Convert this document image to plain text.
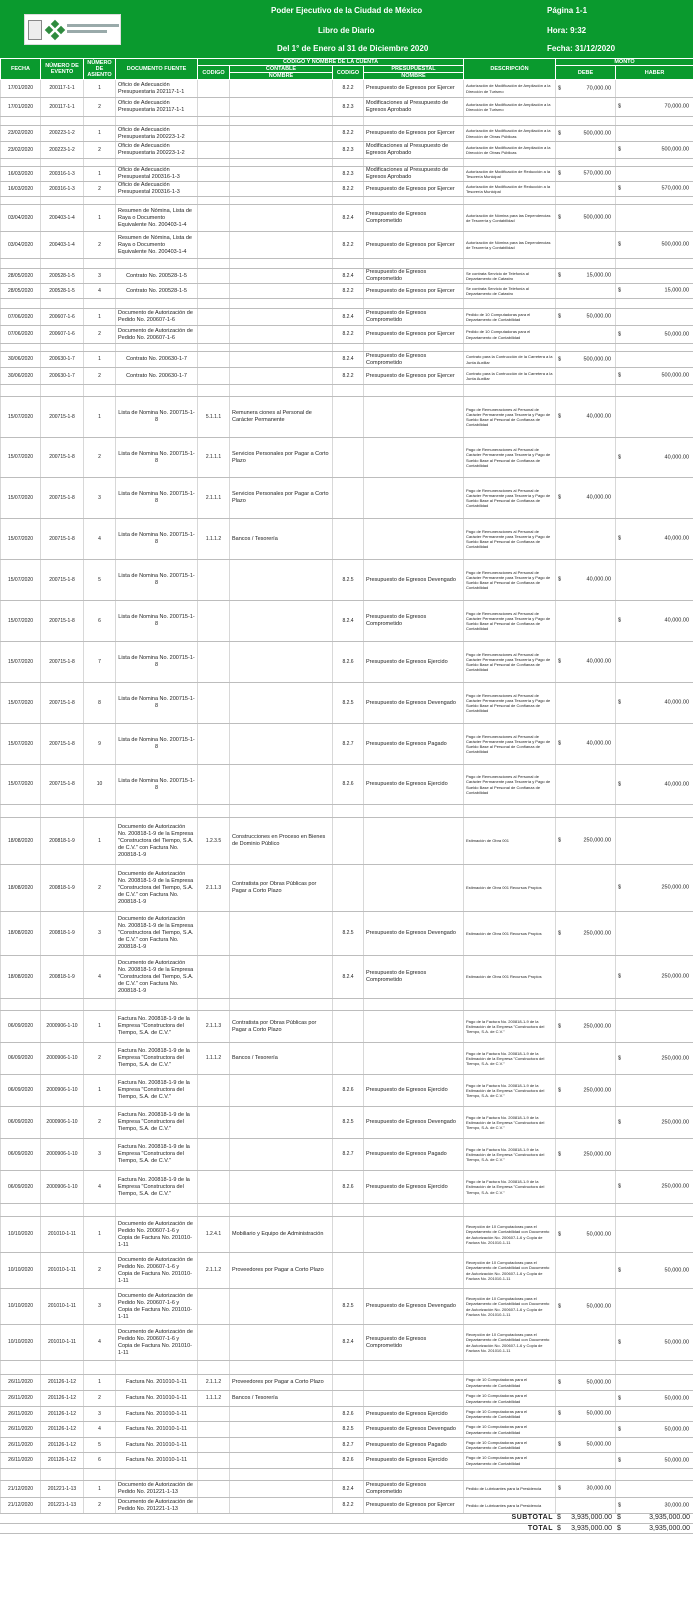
Poder Ejecutivo de la Ciudad de México
Libro de Diario
Del 1° de Enero al 31 de Diciembre 2020
Página 1-1
Hora: 9:32
Fecha: 31/12/2020
FECHA	NÚMERO DE EVENTO	NÚMERO DE ASIENTO	DOCUMENTO FUENTE	CODIGO Y NOMBRE DE LA CUENTA				DESCRIPCIÓN	MONTO	
				CODIGO	CONTABLE	CODIGO	PRESUPUESTAL		DEBE	HABER
					NOMBRE		NOMBRE			
17/01/2020	200117-1-1	1	Oficio de Adecuación Presupuestaria 202117-1-1			8.2.2	Presupuesto de Egresos por Ejercer	Autorización de Modificación de Ampliación a la Dirección de Turismo	$ 70,000.00	

17/01/2020	200117-1-1	2	Oficio de Adecuación Presupuestaria 202117-1-1			8.2.3	Modificaciones al Presupuesto de Egresos Aprobado	Autorización de Modificación de Ampliación a la Dirección de Turismo		$ 70,000.00

23/02/2020	200223-1-2	1	Oficio de Adecuación Presupuestaria 200223-1-2			8.2.2	Presupuesto de Egresos por Ejercer	Autorización de Modificación de Ampliación a la Dirección de Obras Públicas	$ 500,000.00	

23/02/2020	200223-1-2	2	Oficio de Adecuación Presupuestaria 200223-1-2			8.2.3	Modificaciones al Presupuesto de Egresos Aprobado	Autorización de Modificación de Ampliación a la Dirección de Obras Públicas		$ 500,000.00

16/03/2020	200316-1-3	1	Oficio de Adecuación Presupuestal 200316-1-3			8.2.3	Modificaciones al Presupuesto de Egresos Aprobado	Autorización de Modificación de Reducción a la Tesorería Municipal	$ 570,000.00	

16/03/2020	200316-1-3	2	Oficio de Adecuación Presupuestal 200316-1-3			8.2.2	Presupuesto de Egresos por Ejercer	Autorización de Modificación de Reducción a la Tesorería Municipal		$ 570,000.00

03/04/2020	200403-1-4	1	Resumen de Nómina, Lista de Raya o Documento Equivalente No. 200403-1-4			8.2.4	Presupuesto de Egresos Comprometido	Autorización de Nómina para las Dependencias de Tesorería y Contabilidad	$ 500,000.00	

03/04/2020	200403-1-4	2	Resumen de Nómina, Lista de Raya o Documento Equivalente No. 200403-1-4			8.2.2	Presupuesto de Egresos por Ejercer	Autorización de Nómina para las Dependencias de Tesorería y Contabilidad		$ 500,000.00

28/05/2020	200528-1-5	3	Contrato No. 200528-1-5			8.2.4	Presupuesto de Egresos Comprometido	Se contrata Servicio de Telefonía al Departamento de Catastro	$ 15,000.00	

28/05/2020	200528-1-5	4	Contrato No. 200528-1-5			8.2.2	Presupuesto de Egresos por Ejercer	Se contrata Servicio de Telefonía al Departamento de Catastro		$ 15,000.00

07/06/2020	200607-1-6	1	Documento de Autorización de Pedido No. 200607-1-6			8.2.4	Presupuesto de Egresos Comprometido	Pedido de 10 Computadoras para el Departamento de Contabilidad	$ 50,000.00	

07/06/2020	200607-1-6	2	Documento de Autorización de Pedido No. 200607-1-6			8.2.2	Presupuesto de Egresos por Ejercer	Pedido de 10 Computadoras para el Departamento de Contabilidad		$ 50,000.00

30/06/2020	200630-1-7	1	Contrato No. 200630-1-7			8.2.4	Presupuesto de Egresos Comprometido	Contrato para la Contrucción de la Carretera a la Junta Auxiliar	$ 500,000.00	

30/06/2020	200630-1-7	2	Contrato No. 200630-1-7			8.2.2	Presupuesto de Egresos por Ejercer	Contrato para la Contrucción de la Carretera a la Junta Auxiliar		$ 500,000.00

15/07/2020	200715-1-8	1	Lista de Nomina No. 200715-1-8	5.1.1.1	Remunera ciones al Personal de Carácter Permanente			Pago de Remuneraciones al Personal de Carácter Permanente para Tesorería y Pago de Sueldo Base al Personal de Confianza de Contabilidad	$ 40,000.00	

15/07/2020	200715-1-8	2	Lista de Nomina No. 200715-1-8	2.1.1.1	Servicios Personales por Pagar a Corto Plazo			Pago de Remuneraciones al Personal de Carácter Permanente para Tesorería y Pago de Sueldo Base al Personal de Confianza de Contabilidad		$ 40,000.00

15/07/2020	200715-1-8	3	Lista de Nomina No. 200715-1-8	2.1.1.1	Servicios Personales por Pagar a Corto Plazo			Pago de Remuneraciones al Personal de Carácter Permanente para Tesorería y Pago de Sueldo Base al Personal de Confianza de Contabilidad	$ 40,000.00	

15/07/2020	200715-1-8	4	Lista de Nomina No. 200715-1-8	1.1.1.2	Bancos / Tesorería			Pago de Remuneraciones al Personal de Carácter Permanente para Tesorería y Pago de Sueldo Base al Personal de Confianza de Contabilidad		$ 40,000.00

15/07/2020	200715-1-8	5	Lista de Nomina No. 200715-1-8			8.2.5	Presupuesto de Egresos Devengado	Pago de Remuneraciones al Personal de Carácter Permanente para Tesorería y Pago de Sueldo Base al Personal de Confianza de Contabilidad	$ 40,000.00	

15/07/2020	200715-1-8	6	Lista de Nomina No. 200715-1-8			8.2.4	Presupuesto de Egresos Comprometido	Pago de Remuneraciones al Personal de Carácter Permanente para Tesorería y Pago de Sueldo Base al Personal de Confianza de Contabilidad		$ 40,000.00

15/07/2020	200715-1-8	7	Lista de Nomina No. 200715-1-8			8.2.6	Presupuesto de Egresos Ejercido	Pago de Remuneraciones al Personal de Carácter Permanente para Tesorería y Pago de Sueldo Base al Personal de Confianza de Contabilidad	$ 40,000.00	

15/07/2020	200715-1-8	8	Lista de Nomina No. 200715-1-8			8.2.5	Presupuesto de Egresos Devengado	Pago de Remuneraciones al Personal de Carácter Permanente para Tesorería y Pago de Sueldo Base al Personal de Confianza de Contabilidad		$ 40,000.00

15/07/2020	200715-1-8	9	Lista de Nomina No. 200715-1-8			8.2.7	Presupuesto de Egresos Pagado	Pago de Remuneraciones al Personal de Carácter Permanente para Tesorería y Pago de Sueldo Base al Personal de Confianza de Contabilidad	$ 40,000.00	

15/07/2020	200715-1-8	10	Lista de Nomina No. 200715-1-8			8.2.6	Presupuesto de Egresos Ejercido	Pago de Remuneraciones al Personal de Carácter Permanente para Tesorería y Pago de Sueldo Base al Personal de Confianza de Contabilidad		$ 40,000.00

18/08/2020	200818-1-9	1	Documento de Autorización No. 200818-1-9 de la Empresa "Constructora del Tiempo, S.A. de C.V." con Factura No. 200818-1-9	1.2.3.5	Construcciones en Proceso en Bienes de Dominio Público			Estimación de Obra 001	$ 250,000.00	

18/08/2020	200818-1-9	2	Documento de Autorización No. 200818-1-9 de la Empresa "Constructora del Tiempo, S.A. de C.V." con Factura No. 200818-1-9	2.1.1.3	Contratista por Obras Públicas por Pagar a Corto Plazo			Estimación de Obra 001 Recursos Propios		$ 250,000.00

18/08/2020	200818-1-9	3	Documento de Autorización No. 200818-1-9 de la Empresa "Constructora del Tiempo, S.A. de C.V." con Factura No. 200818-1-9			8.2.5	Presupuesto de Egresos Devengado	Estimación de Obra 001 Recursos Propios	$ 250,000.00	

18/08/2020	200818-1-9	4	Documento de Autorización No. 200818-1-9 de la Empresa "Constructora del Tiempo, S.A. de C.V." con Factura No. 200818-1-9			8.2.4	Presupuesto de Egresos Comprometido	Estimación de Obra 001 Recursos Propios		$ 250,000.00

06/09/2020	2000906-1-10	1	Factura No. 200818-1-9 de la Empresa "Constructora del Tiempo, S.A. de C.V."	2.1.1.3	Contratista por Obras Públicas por Pagar a Corto Plazo			Pago de la Factura No. 200818-1-9 de la Estimación de la Empresa "Constructora del Tiempo, S.A. de C.V."	$ 250,000.00	

06/09/2020	2000906-1-10	2	Factura No. 200818-1-9 de la Empresa "Constructora del Tiempo, S.A. de C.V."	1.1.1.2	Bancos / Tesorería			Pago de la Factura No. 200818-1-9 de la Estimación de la Empresa "Constructora del Tiempo, S.A. de C.V."		$ 250,000.00

06/09/2020	2000906-1-10	1	Factura No. 200818-1-9 de la Empresa "Constructora del Tiempo, S.A. de C.V."			8.2.6	Presupuesto de Egresos Ejercido	Pago de la Factura No. 200818-1-9 de la Estimación de la Empresa "Constructora del Tiempo, S.A. de C.V."	$ 250,000.00	

06/09/2020	2000906-1-10	2	Factura No. 200818-1-9 de la Empresa "Constructora del Tiempo, S.A. de C.V."			8.2.5	Presupuesto de Egresos Devengado	Pago de la Factura No. 200818-1-9 de la Estimación de la Empresa "Constructora del Tiempo, S.A. de C.V."		$ 250,000.00

06/09/2020	2000906-1-10	3	Factura No. 200818-1-9 de la Empresa "Constructora del Tiempo, S.A. de C.V."			8.2.7	Presupuesto de Egresos Pagado	Pago de la Factura No. 200818-1-9 de la Estimación de la Empresa "Constructora del Tiempo, S.A. de C.V."	$ 250,000.00	

06/09/2020	2000906-1-10	4	Factura No. 200818-1-9 de la Empresa "Constructora del Tiempo, S.A. de C.V."			8.2.6	Presupuesto de Egresos Ejercido	Pago de la Factura No. 200818-1-9 de la Estimación de la Empresa "Constructora del Tiempo, S.A. de C.V."		$ 250,000.00

10/10/2020	201010-1-11	1	Documento de Autorización de Pedido No. 200607-1-6 y Copia de Factura No. 201010-1-11	1.2.4.1	Mobiliario y Equipo de Administración			Recepción de 10 Computadoras para el Departamento de Contabilidad con Documento de Autorización No. 200607-1-6 y Copia de Factura No. 201010-1-11	$ 50,000.00	

10/10/2020	201010-1-11	2	Documento de Autorización de Pedido No. 200607-1-6 y Copia de Factura No. 201010-1-11	2.1.1.2	Proveedores por Pagar a Corto Plazo			Recepción de 10 Computadoras para el Departamento de Contabilidad con Documento de Autorización No. 200607-1-6 y Copia de Factura No. 201010-1-11		$ 50,000.00

10/10/2020	201010-1-11	3	Documento de Autorización de Pedido No. 200607-1-6 y Copia de Factura No. 201010-1-11			8.2.5	Presupuesto de Egresos Devengado	Recepción de 10 Computadoras para el Departamento de Contabilidad con Documento de Autorización No. 200607-1-6 y Copia de Factura No. 201010-1-11	$ 50,000.00	

10/10/2020	201010-1-11	4	Documento de Autorización de Pedido No. 200607-1-6 y Copia de Factura No. 201010-1-11			8.2.4	Presupuesto de Egresos Comprometido	Recepción de 10 Computadoras para el Departamento de Contabilidad con Documento de Autorización No. 200607-1-6 y Copia de Factura No. 201010-1-11		$ 50,000.00

26/11/2020	201126-1-12	1	Factura No. 201010-1-11	2.1.1.2	Proveedores por Pagar a Corto Plazo			Pago de 10 Computadoras para el Departamento de Contabilidad	$ 50,000.00	

26/11/2020	201126-1-12	2	Factura No. 201010-1-11	1.1.1.2	Bancos / Tesorería			Pago de 10 Computadoras para el Departamento de Contabilidad		$ 50,000.00

26/11/2020	201126-1-12	3	Factura No. 201010-1-11			8.2.6	Presupuesto de Egresos Ejercido	Pago de 10 Computadoras para el Departamento de Contabilidad	$ 50,000.00	

26/11/2020	201126-1-12	4	Factura No. 201010-1-11			8.2.5	Presupuesto de Egresos Devengado	Pago de 10 Computadoras para el Departamento de Contabilidad		$ 50,000.00

26/11/2020	201126-1-12	5	Factura No. 201010-1-11			8.2.7	Presupuesto de Egresos Pagado	Pago de 10 Computadoras para el Departamento de Contabilidad	$ 50,000.00	

26/11/2020	201126-1-12	6	Factura No. 201010-1-11			8.2.6	Presupuesto de Egresos Ejercido	Pago de 10 Computadoras para el Departamento de Contabilidad		$ 50,000.00

21/12/2020	201221-1-13	1	Documento de Autorización de Pedido No. 201221-1-13			8.2.4	Presupuesto de Egresos Comprometido	Pedido de Lubricantes para la Presidencia	$ 30,000.00	

21/12/2020	201221-1-13	2	Documento de Autorización de Pedido No. 201221-1-13			8.2.2	Presupuesto de Egresos por Ejercer	Pedido de Lubricantes para la Presidencia		$ 30,000.00
SUBTOTAL	$ 3,935,000.00	$ 3,935,000.00

TOTAL	$ 3,935,000.00	$ 3,935,000.00
